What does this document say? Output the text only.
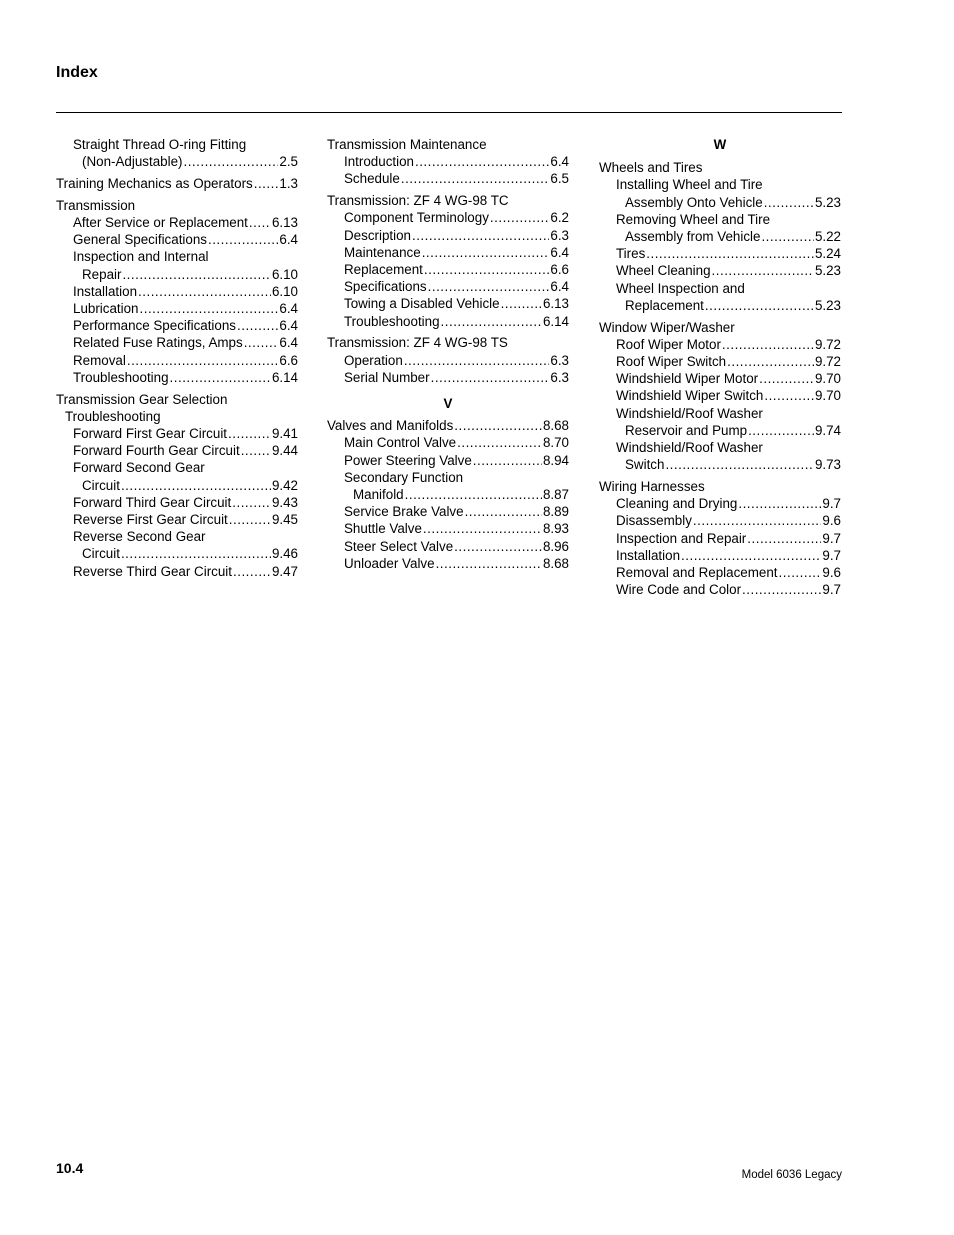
Index
Straight Thread O-ring Fitting
(Non-Adjustable) .....	2.5
Training Mechanics as Operators ..... 1.3
Transmission
After Service or Replacement ..... 6.13
General Specifications .....	6.4
Inspection and Internal
Repair .....	6.10
Installation .....	6.10
Lubrication .....	6.4
Performance Specifications .....	6.4
Related Fuse Ratings, Amps .....	6.4
Removal .....	6.6
Troubleshooting .....	6.14
Transmission Gear Selection
Troubleshooting
Forward First Gear Circuit .....	9.41
Forward Fourth Gear Circuit ..... 9.44
Forward Second Gear
Circuit .....	9.42
Forward Third Gear Circuit .....	9.43
Reverse First Gear Circuit .....	9.45
Reverse Second Gear
Circuit .....	9.46
Reverse Third Gear Circuit .....	9.47
Transmission Maintenance
Introduction .....	6.4
Schedule .....	6.5
Transmission: ZF 4 WG-98 TC
Component Terminology .....	6.2
Description .....	6.3
Maintenance .....	6.4
Replacement .....	6.6
Specifications .....	6.4
Towing a Disabled Vehicle .....	6.13
Troubleshooting .....	6.14
Transmission: ZF 4 WG-98 TS
Operation .....	6.3
Serial Number .....	6.3
V
Valves and Manifolds .....	8.68
Main Control Valve .....	8.70
Power Steering Valve .....	8.94
Secondary Function
Manifold .....	8.87
Service Brake Valve .....	8.89
Shuttle Valve .....	8.93
Steer Select Valve .....	8.96
Unloader Valve .....	8.68
W
Wheels and Tires
Installing Wheel and Tire
Assembly Onto Vehicle .....	5.23
Removing Wheel and Tire
Assembly from Vehicle .....	5.22
Tires .....	5.24
Wheel Cleaning .....	5.23
Wheel Inspection and
Replacement .....	5.23
Window Wiper/Washer
Roof Wiper Motor .....	9.72
Roof Wiper Switch .....	9.72
Windshield Wiper Motor .....	9.70
Windshield Wiper Switch .....	9.70
Windshield/Roof Washer
Reservoir and Pump .....	9.74
Windshield/Roof Washer
Switch .....	9.73
Wiring Harnesses
Cleaning and Drying .....	9.7
Disassembly .....	9.6
Inspection and Repair .....	9.7
Installation .....	9.7
Removal and Replacement .....	9.6
Wire Code and Color .....	9.7
10.4	Model 6036 Legacy
